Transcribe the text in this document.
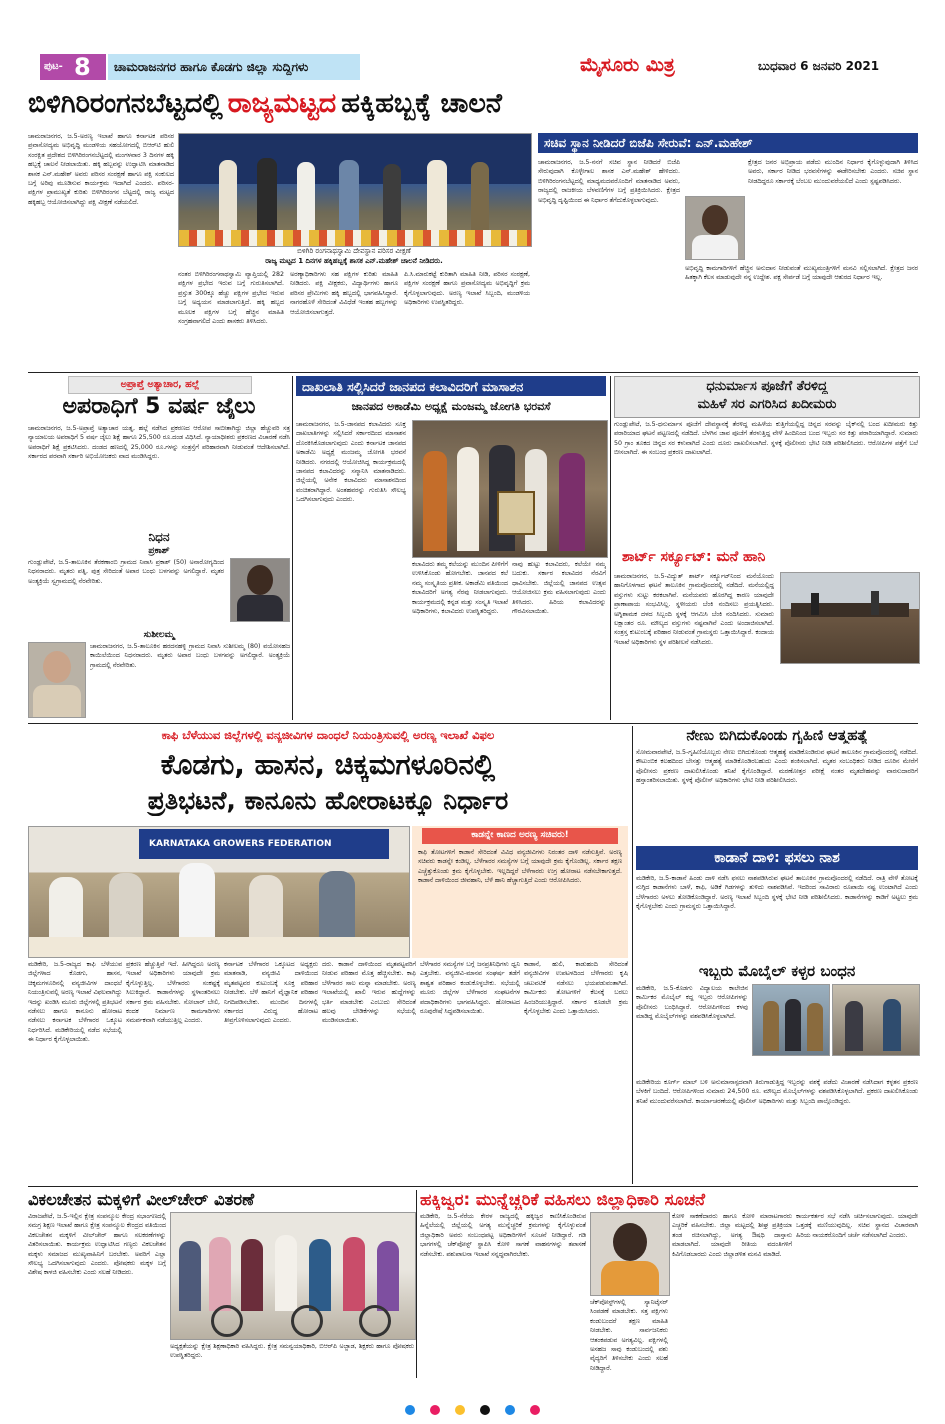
ಪುಟ- 8 ಚಾಮರಾಜನಗರ ಹಾಗೂ ಕೊಡಗು ಜಿಲ್ಲಾ ಸುದ್ದಿಗಳು	ಮೈಸೂರು ಮಿತ್ರ	ಬುಧವಾರ 6 ಜನವರಿ 2021
ಬಿಳಿಗಿರಿರಂಗನಬೆಟ್ಟದಲ್ಲಿ ರಾಜ್ಯಮಟ್ಟದ ಹಕ್ಕಿಹಬ್ಬಕ್ಕೆ ಚಾಲನೆ
ಚಾಮರಾಜನಗರ, ಜ.5-ಅರಣ್ಯ ಇಲಾಖೆ ಹಾಗೂ ಕರ್ನಾಟಕ ಪರಿಸರ ಪ್ರವಾಸೋದ್ಯಮ ಅಭಿವೃದ್ಧಿ ಮಂಡಳಿಯ ಸಹಯೋಗದಲ್ಲಿ ಬಿಆರ್‌ಟಿ ಹುಲಿ ಸಂರಕ್ಷಿತ ಪ್ರದೇಶದ ಬಿಳಿಗಿರಿರಂಗನಬೆಟ್ಟದಲ್ಲಿ ಮಂಗಳವಾರ 3 ದಿನಗಳ ಹಕ್ಕಿ ಹಬ್ಬಕ್ಕೆ ಚಾಲನೆ ನೀಡಲಾಯಿತು. ಹಕ್ಕಿ ಹಬ್ಬವನ್ನು ಉದ್ಘಾಟಿಸಿ ಮಾತನಾಡಿದ ಶಾಸಕ ಎನ್.ಮಹೇಶ್ ಅವರು ಪರಿಸರ ಸಂರಕ್ಷಣೆ ಹಾಗೂ ಪಕ್ಷಿ ಸಂಕುಲದ ಬಗ್ಗೆ ಅರಿವು ಮೂಡಿಸುವ ಕಾರ್ಯಕ್ರಮ ಇದಾಗಿದೆ ಎಂದರು. ಪರಿಸರ-ಪಕ್ಷಿಗಳ ಪ್ರಾಮುಖ್ಯತೆ ಕುರಿತು ಬಿಳಿಗಿರಿರಂಗನ ಬೆಟ್ಟದಲ್ಲಿ ರಾಜ್ಯ ಮಟ್ಟದ ಹಕ್ಕಿಹಬ್ಬ ಆಯೋಜಿಸಲಾಗಿದ್ದು ಪಕ್ಷಿ ವೀಕ್ಷಣೆ ನಡೆಯಲಿದೆ.
ಬಿಳಿಗಿರಿ ರಂಗನಾಥಸ್ವಾಮಿ ದೇವಸ್ಥಾನ ಪರಿಸರ ವೀಕ್ಷಣೆ
ರಾಜ್ಯ ಮಟ್ಟದ 1 ದಿನಗಳ ಹಕ್ಕಿಹಬ್ಬಕ್ಕೆ ಶಾಸಕ ಎನ್.ಮಹೇಶ್ ಚಾಲನೆ ನೀಡಿದರು.
ನಂತರ ಬಿಳಿಗಿರಿರಂಗನಾಥಸ್ವಾಮಿ ವ್ಯಾಪ್ತಿಯಲ್ಲಿ 282 ಪಕ್ಷಿಗಳ ಪ್ರಭೇದ ಇರುವ ಬಗ್ಗೆ ಗುರುತಿಸಲಾಗಿದೆ. ಪ್ರಸ್ತುತ 300ಕ್ಕೂ ಹೆಚ್ಚು ಪಕ್ಷಿಗಳ ಪ್ರಭೇದ ಇರುವ ಬಗ್ಗೆ ಅಧ್ಯಯನ ಮಾಡಲಾಗುತ್ತಿದೆ. ಹಕ್ಕಿ ಹಬ್ಬದ ಮೂಲಕ ಪಕ್ಷಿಗಳ ಬಗ್ಗೆ ಹೆಚ್ಚಿನ ಮಾಹಿತಿ ಸಂಗ್ರಹವಾಗಲಿದೆ ಎಂದು ಶಾಸಕರು ತಿಳಿಸಿದರು.
ಅರಣ್ಯಾಧಿಕಾರಿಗಳು ಸಹ ಪಕ್ಷಿಗಳ ಕುರಿತು ಮಾಹಿತಿ ನೀಡಿದರು. ಪಕ್ಷಿ ವೀಕ್ಷಕರು, ವಿದ್ಯಾರ್ಥಿಗಳು ಹಾಗೂ ಪರಿಸರ ಪ್ರೇಮಿಗಳು ಹಕ್ಕಿ ಹಬ್ಬದಲ್ಲಿ ಭಾಗವಹಿಸಿದ್ದಾರೆ. ನಾಗರಹೊಳೆ ಸೇರಿದಂತೆ ವಿವಿಧೆಡೆ ಇಂತಹ ಹಬ್ಬಗಳನ್ನು ಆಯೋಜಿಸಲಾಗುತ್ತದೆ.
ಪಿ.ಸಿ.ಮಾರುಕಟ್ಟೆ ಕುರಿತಾಗಿ ಮಾಹಿತಿ ನೀಡಿ, ಪರಿಸರ ಸಂರಕ್ಷಣೆ, ಪಕ್ಷಿಗಳ ಸಂರಕ್ಷಣೆ ಹಾಗೂ ಪ್ರವಾಸೋದ್ಯಮ ಅಭಿವೃದ್ಧಿಗೆ ಕ್ರಮ ಕೈಗೊಳ್ಳಲಾಗುವುದು. ಅರಣ್ಯ ಇಲಾಖೆ ಸಿಬ್ಬಂದಿ, ಮಂಡಳಿಯ ಅಧಿಕಾರಿಗಳು ಉಪಸ್ಥಿತರಿದ್ದರು.
ಸಚಿವ ಸ್ಥಾನ ನೀಡಿದರೆ ಬಿಜೆಪಿ ಸೇರುವೆ: ಎನ್.ಮಹೇಶ್
ಚಾಮರಾಜನಗರ, ಜ.5-ನನಗೆ ಸಚಿವ ಸ್ಥಾನ ನೀಡಿದರೆ ಬಿಜೆಪಿ ಸೇರುವುದಾಗಿ ಕೊಳ್ಳೇಗಾಲ ಶಾಸಕ ಎನ್.ಮಹೇಶ್ ಹೇಳಿದರು. ಬಿಳಿಗಿರಿರಂಗನಬೆಟ್ಟದಲ್ಲಿ ಮಾಧ್ಯಮದವರೊಂದಿಗೆ ಮಾತನಾಡಿದ ಅವರು, ರಾಜ್ಯದಲ್ಲಿ ರಾಜಕೀಯ ಬೆಳವಣಿಗೆಗಳ ಬಗ್ಗೆ ಪ್ರತಿಕ್ರಿಯಿಸಿದರು. ಕ್ಷೇತ್ರದ ಅಭಿವೃದ್ಧಿ ದೃಷ್ಟಿಯಿಂದ ಈ ನಿರ್ಧಾರ ತೆಗೆದುಕೊಳ್ಳಲಾಗುವುದು.
ಕ್ಷೇತ್ರದ ಜನರ ಅಭಿಪ್ರಾಯ ಪಡೆದು ಮುಂದಿನ ನಿರ್ಧಾರ ಕೈಗೊಳ್ಳುವುದಾಗಿ ತಿಳಿಸಿದ ಅವರು, ಸರ್ಕಾರ ನೀಡಿದ ಭರವಸೆಗಳನ್ನು ಈಡೇರಿಸಬೇಕು ಎಂದರು. ಸಚಿವ ಸ್ಥಾನ ನೀಡದಿದ್ದರೂ ಸರ್ಕಾರಕ್ಕೆ ಬೆಂಬಲ ಮುಂದುವರೆಯಲಿದೆ ಎಂದು ಸ್ಪಷ್ಟಪಡಿಸಿದರು.
ಅಭಿವೃದ್ಧಿ ಕಾಮಗಾರಿಗಳಿಗೆ ಹೆಚ್ಚಿನ ಅನುದಾನ ನೀಡುವಂತೆ ಮುಖ್ಯಮಂತ್ರಿಗಳಿಗೆ ಮನವಿ ಸಲ್ಲಿಸಲಾಗಿದೆ. ಕ್ಷೇತ್ರದ ಜನರ ಹಿತಕ್ಕಾಗಿ ಕೆಲಸ ಮಾಡುವುದೇ ನನ್ನ ಉದ್ದೇಶ. ಪಕ್ಷ ಸೇರ್ಪಡೆ ಬಗ್ಗೆ ಯಾವುದೇ ಆತುರದ ನಿರ್ಧಾರ ಇಲ್ಲ.
ಅಪ್ರಾಪ್ತೆ ಅತ್ಯಾಚಾರ, ಹಲ್ಲೆ
ಅಪರಾಧಿಗೆ 5 ವರ್ಷ ಜೈಲು
ಚಾಮರಾಜನಗರ, ಜ.5-ಅಪ್ರಾಪ್ತೆ ಅತ್ಯಾಚಾರ ಯತ್ನ, ಹಲ್ಲೆ ನಡೆಸಿದ ಪ್ರಕರಣದ ಆರೋಪ ಸಾಬೀತಾಗಿದ್ದು ಜಿಲ್ಲಾ ಹೆಚ್ಚುವರಿ ಸತ್ರ ನ್ಯಾಯಾಲಯ ಅಪರಾಧಿಗೆ 5 ವರ್ಷ ಜೈಲು ಶಿಕ್ಷೆ ಹಾಗೂ 25,500 ರೂ.ದಂಡ ವಿಧಿಸಿದೆ. ನ್ಯಾಯಾಧೀಶರು ಪ್ರಕರಣದ ವಿಚಾರಣೆ ನಡೆಸಿ ಅಪರಾಧಿಗೆ ಶಿಕ್ಷೆ ಪ್ರಕಟಿಸಿದರು. ದಂಡದ ಹಣದಲ್ಲಿ 25,000 ರೂ.ಗಳನ್ನು ಸಂತ್ರಸ್ತೆಗೆ ಪರಿಹಾರವಾಗಿ ನೀಡುವಂತೆ ಆದೇಶಿಸಲಾಗಿದೆ. ಸರ್ಕಾರದ ಪರವಾಗಿ ಸರ್ಕಾರಿ ಅಭಿಯೋಜಕರು ವಾದ ಮಂಡಿಸಿದ್ದರು.
ನಿಧನ
ಪ್ರಕಾಶ್
ಗುಂಡ್ಲುಪೇಟೆ, ಜ.5-ತಾಲೂಕಿನ ತೆರಕಣಾಂಬಿ ಗ್ರಾಮದ ನಿವಾಸಿ ಪ್ರಕಾಶ್ (50) ಅನಾರೋಗ್ಯದಿಂದ ನಿಧನರಾದರು. ಮೃತರು ಪತ್ನಿ, ಪುತ್ರ ಸೇರಿದಂತೆ ಅಪಾರ ಬಂಧು ಬಳಗವನ್ನು ಅಗಲಿದ್ದಾರೆ. ಮೃತರ ಅಂತ್ಯಕ್ರಿಯೆ ಸ್ವಗ್ರಾಮದಲ್ಲಿ ನೆರವೇರಿತು.
ಸುಶೀಲಮ್ಮ
ಚಾಮರಾಜನಗರ, ಜ.5-ತಾಲೂಕಿನ ಹರದನಹಳ್ಳಿ ಗ್ರಾಮದ ನಿವಾಸಿ ಸುಶೀಲಮ್ಮ (80) ವಯೋಸಹಜ ಕಾಯಿಲೆಯಿಂದ ನಿಧನರಾದರು. ಮೃತರು ಅಪಾರ ಬಂಧು ಬಳಗವನ್ನು ಅಗಲಿದ್ದಾರೆ. ಅಂತ್ಯಕ್ರಿಯೆ ಗ್ರಾಮದಲ್ಲಿ ನೆರವೇರಿತು.
ದಾಖಲಾತಿ ಸಲ್ಲಿಸಿದರೆ ಜಾನಪದ ಕಲಾವಿದರಿಗೆ ಮಾಸಾಶನ
ಜಾನಪದ ಅಕಾಡೆಮಿ ಅಧ್ಯಕ್ಷೆ ಮಂಜಮ್ಮ ಜೋಗತಿ ಭರವಸೆ
ಚಾಮರಾಜನಗರ, ಜ.5-ಜಾನಪದ ಕಲಾವಿದರು ಸೂಕ್ತ ದಾಖಲಾತಿಗಳನ್ನು ಸಲ್ಲಿಸಿದರೆ ಸರ್ಕಾರದಿಂದ ಮಾಸಾಶನ ದೊರಕಿಸಿಕೊಡಲಾಗುವುದು ಎಂದು ಕರ್ನಾಟಕ ಜಾನಪದ ಅಕಾಡೆಮಿ ಅಧ್ಯಕ್ಷೆ ಮಂಜಮ್ಮ ಜೋಗತಿ ಭರವಸೆ ನೀಡಿದರು. ನಗರದಲ್ಲಿ ಆಯೋಜಿಸಿದ್ದ ಕಾರ್ಯಕ್ರಮದಲ್ಲಿ ಜಾನಪದ ಕಲಾವಿದರನ್ನು ಸನ್ಮಾನಿಸಿ ಮಾತನಾಡಿದರು. ಜಿಲ್ಲೆಯಲ್ಲಿ ಅನೇಕ ಕಲಾವಿದರು ಮಾಸಾಶನದಿಂದ ವಂಚಿತರಾಗಿದ್ದಾರೆ. ಅಂತಹವರನ್ನು ಗುರುತಿಸಿ ಸೌಲಭ್ಯ ಒದಗಿಸಲಾಗುವುದು ಎಂದರು.
ಕಲಾವಿದರು ತಮ್ಮ ಕಲೆಯನ್ನು ಮುಂದಿನ ಪೀಳಿಗೆಗೆ ಉಳಿಸಿಕೊಂಡು ಹೋಗಬೇಕು. ಜಾನಪದ ಕಲೆ ನಮ್ಮ ಸಂಸ್ಕೃತಿಯ ಪ್ರತೀಕ. ಅಕಾಡೆಮಿ ವತಿಯಿಂದ ಕಲಾವಿದರಿಗೆ ಅಗತ್ಯ ನೆರವು ನೀಡಲಾಗುವುದು. ಕಾರ್ಯಕ್ರಮದಲ್ಲಿ ಕನ್ನಡ ಮತ್ತು ಸಂಸ್ಕೃತಿ ಇಲಾಖೆ ಅಧಿಕಾರಿಗಳು, ಕಲಾವಿದರು ಉಪಸ್ಥಿತರಿದ್ದರು.
ನಾವು ಹುಟ್ಟು ಕಲಾವಿದರು, ಕಲೆಯೇ ನಮ್ಮ ಬದುಕು. ಸರ್ಕಾರ ಕಲಾವಿದರ ನೆರವಿಗೆ ಧಾವಿಸಬೇಕು. ಜಿಲ್ಲೆಯಲ್ಲಿ ಜಾನಪದ ಉತ್ಸವ ಆಯೋಜಿಸಲು ಕ್ರಮ ವಹಿಸಲಾಗುವುದು ಎಂದು ತಿಳಿಸಿದರು. ಹಿರಿಯ ಕಲಾವಿದರನ್ನು ಗೌರವಿಸಲಾಯಿತು.
ಧನುರ್ಮಾಸ ಪೂಜೆಗೆ ತೆರಳಿದ್ದ
ಮಹಿಳೆ ಸರ ಎಗರಿಸಿದ ಖದೀಮರು
ಗುಂಡ್ಲುಪೇಟೆ, ಜ.5-ಧನುರ್ಮಾಸ ಪೂಜೆಗೆ ದೇವಸ್ಥಾನಕ್ಕೆ ತೆರಳಿದ್ದ ಮಹಿಳೆಯ ಕುತ್ತಿಗೆಯಲ್ಲಿದ್ದ ಚಿನ್ನದ ಸರವನ್ನು ಬೈಕ್‌ನಲ್ಲಿ ಬಂದ ಖದೀಮರು ಕಿತ್ತು ಪರಾರಿಯಾದ ಘಟನೆ ಪಟ್ಟಣದಲ್ಲಿ ನಡೆದಿದೆ. ಬೆಳಗಿನ ಜಾವ ಪೂಜೆಗೆ ತೆರಳುತ್ತಿದ್ದ ವೇಳೆ ಹಿಂದಿನಿಂದ ಬಂದ ಇಬ್ಬರು ಸರ ಕಿತ್ತು ಪರಾರಿಯಾಗಿದ್ದಾರೆ. ಸುಮಾರು 50 ಗ್ರಾಂ ತೂಕದ ಚಿನ್ನದ ಸರ ಕಳುವಾಗಿದೆ ಎಂದು ದೂರು ದಾಖಲಿಸಲಾಗಿದೆ. ಸ್ಥಳಕ್ಕೆ ಪೊಲೀಸರು ಭೇಟಿ ನೀಡಿ ಪರಿಶೀಲಿಸಿದರು. ಆರೋಪಿಗಳ ಪತ್ತೆಗೆ ಬಲೆ ಬೀಸಲಾಗಿದೆ. ಈ ಸಂಬಂಧ ಪ್ರಕರಣ ದಾಖಲಾಗಿದೆ.
ಶಾರ್ಟ್ ಸರ್ಕ್ಯೂಟ್: ಮನೆ ಹಾನಿ
ಚಾಮರಾಜನಗರ, ಜ.5-ವಿದ್ಯುತ್ ಶಾರ್ಟ್ ಸರ್ಕ್ಯೂಟ್‌ನಿಂದ ಮನೆಯೊಂದು ಹಾನಿಗೊಳಗಾದ ಘಟನೆ ತಾಲೂಕಿನ ಗ್ರಾಮವೊಂದರಲ್ಲಿ ನಡೆದಿದೆ. ಮನೆಯಲ್ಲಿದ್ದ ವಸ್ತುಗಳು ಸುಟ್ಟು ಕರಕಲಾಗಿವೆ. ಮನೆಯವರು ಹೊರಗಿದ್ದ ಕಾರಣ ಯಾವುದೇ ಪ್ರಾಣಾಪಾಯ ಸಂಭವಿಸಿಲ್ಲ. ಸ್ಥಳೀಯರು ಬೆಂಕಿ ನಂದಿಸಲು ಪ್ರಯತ್ನಿಸಿದರು. ಅಗ್ನಿಶಾಮಕ ದಳದ ಸಿಬ್ಬಂದಿ ಸ್ಥಳಕ್ಕೆ ಆಗಮಿಸಿ ಬೆಂಕಿ ನಂದಿಸಿದರು. ಸುಮಾರು ಲಕ್ಷಾಂತರ ರೂ. ಮೌಲ್ಯದ ವಸ್ತುಗಳು ನಷ್ಟವಾಗಿವೆ ಎಂದು ಅಂದಾಜಿಸಲಾಗಿದೆ. ಸಂತ್ರಸ್ತ ಕುಟುಂಬಕ್ಕೆ ಪರಿಹಾರ ನೀಡುವಂತೆ ಗ್ರಾಮಸ್ಥರು ಒತ್ತಾಯಿಸಿದ್ದಾರೆ. ಕಂದಾಯ ಇಲಾಖೆ ಅಧಿಕಾರಿಗಳು ಸ್ಥಳ ಪರಿಶೀಲನೆ ನಡೆಸಿದರು.
ಕಾಫಿ ಬೆಳೆಯುವ ಜಿಲ್ಲೆಗಳಲ್ಲಿ ವನ್ಯಜೀವಿಗಳ ದಾಂಧಲೆ ನಿಯಂತ್ರಿಸುವಲ್ಲಿ ಅರಣ್ಯ ಇಲಾಖೆ ವಿಫಲ
ಕೊಡಗು, ಹಾಸನ, ಚಿಕ್ಕಮಗಳೂರಿನಲ್ಲಿ
ಪ್ರತಿಭಟನೆ, ಕಾನೂನು ಹೋರಾಟಕ್ಕೂ ನಿರ್ಧಾರ
KARNATAKA GROWERS FEDERATION
ಕಾಡನ್ನೇ ಕಾಣದ ಅರಣ್ಯ ಸಚಿವರು!
ಕಾಫಿ ತೋಟಗಳಿಗೆ ಕಾಡಾನೆ ಸೇರಿದಂತೆ ವಿವಿಧ ವನ್ಯಜೀವಿಗಳು ನಿರಂತರ ದಾಳಿ ನಡೆಸುತ್ತಿವೆ. ಅರಣ್ಯ ಸಚಿವರು ಕಾಡನ್ನೇ ಕಂಡಿಲ್ಲ. ಬೆಳೆಗಾರರ ಸಮಸ್ಯೆಗಳ ಬಗ್ಗೆ ಯಾವುದೇ ಕ್ರಮ ಕೈಗೊಂಡಿಲ್ಲ. ಸರ್ಕಾರ ತಕ್ಷಣ ಎಚ್ಚೆತ್ತುಕೊಂಡು ಕ್ರಮ ಕೈಗೊಳ್ಳಬೇಕು. ಇಲ್ಲದಿದ್ದರೆ ಬೆಳೆಗಾರರು ಉಗ್ರ ಹೋರಾಟ ನಡೆಸಬೇಕಾಗುತ್ತದೆ. ಕಾಡಾನೆ ದಾಳಿಯಿಂದ ಜೀವಹಾನಿ, ಬೆಳೆ ಹಾನಿ ಹೆಚ್ಚಾಗುತ್ತಿದೆ ಎಂದು ಆರೋಪಿಸಿದರು.
ಮಡಿಕೇರಿ, ಜ.5-ರಾಜ್ಯದ ಕಾಫಿ ಬೆಳೆಯುವ ಜಿಲ್ಲೆಗಳಾದ ಕೊಡಗು, ಹಾಸನ, ಚಿಕ್ಕಮಗಳೂರಿನಲ್ಲಿ ವನ್ಯಜೀವಿಗಳ ದಾಂಧಲೆ ನಿಯಂತ್ರಿಸುವಲ್ಲಿ ಅರಣ್ಯ ಇಲಾಖೆ ವಿಫಲವಾಗಿದ್ದು ಇದನ್ನು ಖಂಡಿಸಿ ಮೂರು ಜಿಲ್ಲೆಗಳಲ್ಲಿ ಪ್ರತಿಭಟನೆ ನಡೆಸಲು ಹಾಗೂ ಕಾನೂನು ಹೋರಾಟ ನಡೆಸಲು ಕರ್ನಾಟಕ ಬೆಳೆಗಾರರ ಒಕ್ಕೂಟ ನಿರ್ಧರಿಸಿದೆ. ಮಡಿಕೇರಿಯಲ್ಲಿ ನಡೆದ ಸಭೆಯಲ್ಲಿ ಈ ನಿರ್ಧಾರ ಕೈಗೊಳ್ಳಲಾಯಿತು.
ಪ್ರಕರಣ ಹೆಚ್ಚುತ್ತಿವೆ ಇದೆ. ಹೀಗಿದ್ದರೂ ಅರಣ್ಯ ಇಲಾಖೆ ಅಧಿಕಾರಿಗಳು ಯಾವುದೇ ಕ್ರಮ ಕೈಗೊಳ್ಳುತ್ತಿಲ್ಲ. ಬೆಳೆಗಾರರು ಸಂಕಷ್ಟಕ್ಕೆ ಸಿಲುಕಿದ್ದಾರೆ. ಕಾಡಾನೆಗಳನ್ನು ಸ್ಥಳಾಂತರಿಸಲು ಸರ್ಕಾರ ಕ್ರಮ ವಹಿಸಬೇಕು. ಸೋಲಾರ್ ಬೇಲಿ, ಕಂದಕ ನಿರ್ಮಾಣ ಕಾಮಗಾರಿಗಳು ಸಮರ್ಪಕವಾಗಿ ನಡೆಯುತ್ತಿಲ್ಲ ಎಂದರು.
ಕರ್ನಾಟಕ ಬೆಳೆಗಾರರ ಒಕ್ಕೂಟದ ಅಧ್ಯಕ್ಷರು ಮಾತನಾಡಿ, ವನ್ಯಜೀವಿ ದಾಳಿಯಿಂದ ಮೃತಪಟ್ಟವರ ಕುಟುಂಬಕ್ಕೆ ಸೂಕ್ತ ಪರಿಹಾರ ನೀಡಬೇಕು. ಬೆಳೆ ಹಾನಿಗೆ ವೈಜ್ಞಾನಿಕ ಪರಿಹಾರ ನಿಗದಿಪಡಿಸಬೇಕು. ಮುಂದಿನ ದಿನಗಳಲ್ಲಿ ಸರ್ಕಾರದ ವಿರುದ್ಧ ಹೋರಾಟ ತೀವ್ರಗೊಳಿಸಲಾಗುವುದು ಎಂದರು.
ದರು. ಕಾಡಾನೆ ದಾಳಿಯಿಂದ ಮೃತಪಟ್ಟವರಿಗೆ ನೀಡುವ ಪರಿಹಾರ ಮೊತ್ತ ಹೆಚ್ಚಿಸಬೇಕು. ಕಾಫಿ ಬೆಳೆಗಾರರ ಸಾಲ ಮನ್ನಾ ಮಾಡಬೇಕು. ಅರಣ್ಯ ಇಲಾಖೆಯಲ್ಲಿ ಖಾಲಿ ಇರುವ ಹುದ್ದೆಗಳನ್ನು ಭರ್ತಿ ಮಾಡಬೇಕು ಎಂಬುದು ಸೇರಿದಂತೆ ಹಲವು ಬೇಡಿಕೆಗಳನ್ನು ಸಭೆಯಲ್ಲಿ ಮಂಡಿಸಲಾಯಿತು.
ಬೆಳೆಗಾರರ ಸಮಸ್ಯೆಗಳ ಬಗ್ಗೆ ಜನಪ್ರತಿನಿಧಿಗಳು ಧ್ವನಿ ಎತ್ತಬೇಕು. ವನ್ಯಜೀವಿ-ಮಾನವ ಸಂಘರ್ಷ ತಡೆಗೆ ಶಾಶ್ವತ ಪರಿಹಾರ ಕಂಡುಕೊಳ್ಳಬೇಕು. ಸಭೆಯಲ್ಲಿ ಮೂರು ಜಿಲ್ಲೆಗಳ ಬೆಳೆಗಾರರ ಸಂಘಟನೆಗಳ ಪದಾಧಿಕಾರಿಗಳು ಭಾಗವಹಿಸಿದ್ದರು. ಹೋರಾಟದ ರೂಪುರೇಷೆ ಸಿದ್ಧಪಡಿಸಲಾಯಿತು.
ಕಾಡಾನೆ, ಹುಲಿ, ಕಾಡುಹಂದಿ ಸೇರಿದಂತೆ ವನ್ಯಜೀವಿಗಳ ಉಪಟಳದಿಂದ ಬೆಳೆಗಾರರು ಕೃಷಿ ಚಟುವಟಿಕೆ ನಡೆಸಲು ಭಯಪಡುವಂತಾಗಿದೆ. ಕಾರ್ಮಿಕರು ತೋಟಗಳಿಗೆ ಕೆಲಸಕ್ಕೆ ಬರಲು ಹಿಂಜರಿಯುತ್ತಿದ್ದಾರೆ. ಸರ್ಕಾರ ಕೂಡಲೇ ಕ್ರಮ ಕೈಗೊಳ್ಳಬೇಕು ಎಂದು ಒತ್ತಾಯಿಸಿದರು.
ನೇಣು ಬಿಗಿದುಕೊಂಡು ಗೃಹಿಣಿ ಆತ್ಮಹತ್ಯೆ
ಸೋಮವಾರಪೇಟೆ, ಜ.5-ಗೃಹಿಣಿಯೊಬ್ಬರು ನೇಣು ಬಿಗಿದುಕೊಂಡು ಆತ್ಮಹತ್ಯೆ ಮಾಡಿಕೊಂಡಿರುವ ಘಟನೆ ತಾಲೂಕಿನ ಗ್ರಾಮವೊಂದರಲ್ಲಿ ನಡೆದಿದೆ. ಕೌಟುಂಬಿಕ ಕಲಹದಿಂದ ಬೇಸತ್ತು ಆತ್ಮಹತ್ಯೆ ಮಾಡಿಕೊಂಡಿರಬಹುದು ಎಂದು ಶಂಕಿಸಲಾಗಿದೆ. ಮೃತರ ಸಂಬಂಧಿಕರು ನೀಡಿದ ದೂರಿನ ಮೇರೆಗೆ ಪೊಲೀಸರು ಪ್ರಕರಣ ದಾಖಲಿಸಿಕೊಂಡು ತನಿಖೆ ಕೈಗೊಂಡಿದ್ದಾರೆ. ಮರಣೋತ್ತರ ಪರೀಕ್ಷೆ ನಂತರ ಮೃತದೇಹವನ್ನು ವಾರಸುದಾರರಿಗೆ ಹಸ್ತಾಂತರಿಸಲಾಯಿತು. ಸ್ಥಳಕ್ಕೆ ಪೊಲೀಸ್ ಅಧಿಕಾರಿಗಳು ಭೇಟಿ ನೀಡಿ ಪರಿಶೀಲಿಸಿದರು.
ಕಾಡಾನೆ ದಾಳಿ: ಫಸಲು ನಾಶ
ಮಡಿಕೇರಿ, ಜ.5-ಕಾಡಾನೆ ಹಿಂಡು ದಾಳಿ ನಡೆಸಿ ಫಸಲು ನಾಶಪಡಿಸಿರುವ ಘಟನೆ ತಾಲೂಕಿನ ಗ್ರಾಮವೊಂದರಲ್ಲಿ ನಡೆದಿದೆ. ರಾತ್ರಿ ವೇಳೆ ತೋಟಕ್ಕೆ ನುಗ್ಗಿದ ಕಾಡಾನೆಗಳು ಬಾಳೆ, ಕಾಫಿ, ಅಡಿಕೆ ಗಿಡಗಳನ್ನು ತುಳಿದು ನಾಶಪಡಿಸಿವೆ. ಇದರಿಂದ ಸಾವಿರಾರು ರೂಪಾಯಿ ನಷ್ಟ ಉಂಟಾಗಿದೆ ಎಂದು ಬೆಳೆಗಾರರು ಅಳಲು ತೋಡಿಕೊಂಡಿದ್ದಾರೆ. ಅರಣ್ಯ ಇಲಾಖೆ ಸಿಬ್ಬಂದಿ ಸ್ಥಳಕ್ಕೆ ಭೇಟಿ ನೀಡಿ ಪರಿಶೀಲಿಸಿದರು. ಕಾಡಾನೆಗಳನ್ನು ಕಾಡಿಗೆ ಅಟ್ಟಲು ಕ್ರಮ ಕೈಗೊಳ್ಳಬೇಕು ಎಂದು ಗ್ರಾಮಸ್ಥರು ಒತ್ತಾಯಿಸಿದ್ದಾರೆ.
ಇಬ್ಬರು ಮೊಬೈಲ್ ಕಳ್ಳರ ಬಂಧನ
ಮಡಿಕೇರಿ, ಜ.5-ಕೊಡಗು ವಿದ್ಯಾಲಯ ಕಾಲೇಜಿನ ಕಾರ್ಮಿಕರ ಮೊಬೈಲ್ ಕದ್ದ ಇಬ್ಬರು ಆರೋಪಿಗಳನ್ನು ಪೊಲೀಸರು ಬಂಧಿಸಿದ್ದಾರೆ. ಆರೋಪಿಗಳಿಂದ ಕಳವು ಮಾಡಿದ್ದ ಮೊಬೈಲ್‌ಗಳನ್ನು ವಶಪಡಿಸಿಕೊಳ್ಳಲಾಗಿದೆ.
ಮಡಿಕೇರಿಯ ಕೂರ್ಗ್ ಮಾಲ್ ಬಳಿ ಅನುಮಾನಾಸ್ಪದವಾಗಿ ತಿರುಗಾಡುತ್ತಿದ್ದ ಇಬ್ಬರನ್ನು ವಶಕ್ಕೆ ಪಡೆದು ವಿಚಾರಣೆ ನಡೆಸಿದಾಗ ಕಳ್ಳತನ ಪ್ರಕರಣ ಬೆಳಕಿಗೆ ಬಂದಿದೆ. ಆರೋಪಿಗಳಿಂದ ಸುಮಾರು 24,500 ರೂ. ಮೌಲ್ಯದ ಮೊಬೈಲ್‌ಗಳನ್ನು ವಶಪಡಿಸಿಕೊಳ್ಳಲಾಗಿದೆ. ಪ್ರಕರಣ ದಾಖಲಿಸಿಕೊಂಡು ತನಿಖೆ ಮುಂದುವರೆಸಲಾಗಿದೆ. ಕಾರ್ಯಾಚರಣೆಯಲ್ಲಿ ಪೊಲೀಸ್ ಅಧಿಕಾರಿಗಳು ಮತ್ತು ಸಿಬ್ಬಂದಿ ಪಾಲ್ಗೊಂಡಿದ್ದರು.
ವಿಕಲಚೇತನ ಮಕ್ಕಳಿಗೆ ವೀಲ್‌ಚೇರ್ ವಿತರಣೆ
ವಿರಾಜಪೇಟೆ, ಜ.5-ಇಲ್ಲಿನ ಕ್ಷೇತ್ರ ಸಂಪನ್ಮೂಲ ಕೇಂದ್ರ ಸಭಾಂಗಣದಲ್ಲಿ ಸಮಗ್ರ ಶಿಕ್ಷಣ ಇಲಾಖೆ ಹಾಗೂ ಕ್ಷೇತ್ರ ಸಂಪನ್ಮೂಲ ಕೇಂದ್ರದ ವತಿಯಿಂದ ವಿಕಲಚೇತನ ಮಕ್ಕಳಿಗೆ ವೀಲ್‌ಚೇರ್ ಹಾಗೂ ಸಲಕರಣೆಗಳನ್ನು ವಿತರಿಸಲಾಯಿತು. ಕಾರ್ಯಕ್ರಮ ಉದ್ಘಾಟಿಸಿದ ಗಣ್ಯರು ವಿಕಲಚೇತನ ಮಕ್ಕಳು ಸಮಾಜದ ಮುಖ್ಯವಾಹಿನಿಗೆ ಬರಬೇಕು. ಅವರಿಗೆ ಎಲ್ಲಾ ಸೌಲಭ್ಯ ಒದಗಿಸಲಾಗುವುದು ಎಂದರು. ಪೋಷಕರು ಮಕ್ಕಳ ಬಗ್ಗೆ ವಿಶೇಷ ಕಾಳಜಿ ವಹಿಸಬೇಕು ಎಂದು ಸಲಹೆ ನೀಡಿದರು.
ಅಧ್ಯಕ್ಷತೆಯನ್ನು ಕ್ಷೇತ್ರ ಶಿಕ್ಷಣಾಧಿಕಾರಿ ವಹಿಸಿದ್ದರು. ಕ್ಷೇತ್ರ ಸಮನ್ವಯಾಧಿಕಾರಿ, ಬಿಆರ್‌ಪಿ ಅಜ್ಜಾಡ, ಶಿಕ್ಷಕರು ಹಾಗೂ ಪೋಷಕರು ಉಪಸ್ಥಿತರಿದ್ದರು.
ಹಕ್ಕಿಜ್ವರ: ಮುನ್ನೆಚ್ಚರಿಕೆ ವಹಿಸಲು ಜಿಲ್ಲಾಧಿಕಾರಿ ಸೂಚನೆ
ಮಡಿಕೇರಿ, ಜ.5-ನೆರೆಯ ಕೇರಳ ರಾಜ್ಯದಲ್ಲಿ ಹಕ್ಕಿಜ್ವರ ಕಾಣಿಸಿಕೊಂಡಿರುವ ಹಿನ್ನೆಲೆಯಲ್ಲಿ ಜಿಲ್ಲೆಯಲ್ಲಿ ಅಗತ್ಯ ಮುನ್ನೆಚ್ಚರಿಕೆ ಕ್ರಮಗಳನ್ನು ಕೈಗೊಳ್ಳುವಂತೆ ಜಿಲ್ಲಾಧಿಕಾರಿ ಅವರು ಸಂಬಂಧಪಟ್ಟ ಅಧಿಕಾರಿಗಳಿಗೆ ಸೂಚನೆ ನೀಡಿದ್ದಾರೆ. ಗಡಿ ಭಾಗಗಳಲ್ಲಿ ಚೆಕ್‌ಪೋಸ್ಟ್ ಸ್ಥಾಪಿಸಿ ಕೋಳಿ ಸಾಗಣೆ ವಾಹನಗಳನ್ನು ತಪಾಸಣೆ ನಡೆಸಬೇಕು. ಪಶುಪಾಲನಾ ಇಲಾಖೆ ಸನ್ನದ್ಧವಾಗಿರಬೇಕು.
ಚೆಕ್‌ಪೋಸ್ಟ್‌ಗಳಲ್ಲಿ ಸ್ಯಾನಿಟೈಸರ್ ಸಿಂಪಡಣೆ ಮಾಡಬೇಕು. ಸತ್ತ ಪಕ್ಷಿಗಳು ಕಂಡುಬಂದರೆ ತಕ್ಷಣ ಮಾಹಿತಿ ನೀಡಬೇಕು. ಸಾರ್ವಜನಿಕರು ಆತಂಕಪಡುವ ಅಗತ್ಯವಿಲ್ಲ. ಪಕ್ಷಿಗಳಲ್ಲಿ ಅಸಹಜ ಸಾವು ಕಂಡುಬಂದಲ್ಲಿ ಪಶು ವೈದ್ಯರಿಗೆ ತಿಳಿಸಬೇಕು ಎಂದು ಸಲಹೆ ನೀಡಿದ್ದಾರೆ.
ಕೋಳಿ ಸಾಕಣೆದಾರರು ಹಾಗೂ ಕೋಳಿ ಮಾರಾಟಗಾರರು ಎಚ್ಚರಿಕೆ ವಹಿಸಬೇಕು. ಜಿಲ್ಲಾ ಮಟ್ಟದಲ್ಲಿ ಶೀಘ್ರ ಪ್ರತಿಕ್ರಿಯಾ ತಂಡ ರಚಿಸಲಾಗಿದ್ದು, ಅಗತ್ಯ ಔಷಧಿ ದಾಸ್ತಾನು ಮಾಡಲಾಗಿದೆ. ಯಾವುದೇ ರೀತಿಯ ವದಂತಿಗಳಿಗೆ ಕಿವಿಗೊಡಬಾರದು ಎಂದು ಜಿಲ್ಲಾಡಳಿತ ಮನವಿ ಮಾಡಿದೆ.
ಕಾರ್ಯಕರ್ತರ ಸಭೆ ನಡೆಸಿ ಚರ್ಚಿಸಲಾಗುವುದು. ಯಾವುದೇ ಒತ್ತಡಕ್ಕೆ ಮಣಿಯುವುದಿಲ್ಲ. ಸಚಿವ ಸ್ಥಾನದ ವಿಚಾರವಾಗಿ ಹಿರಿಯ ನಾಯಕರೊಂದಿಗೆ ಚರ್ಚೆ ನಡೆಸಲಾಗಿದೆ ಎಂದರು.
